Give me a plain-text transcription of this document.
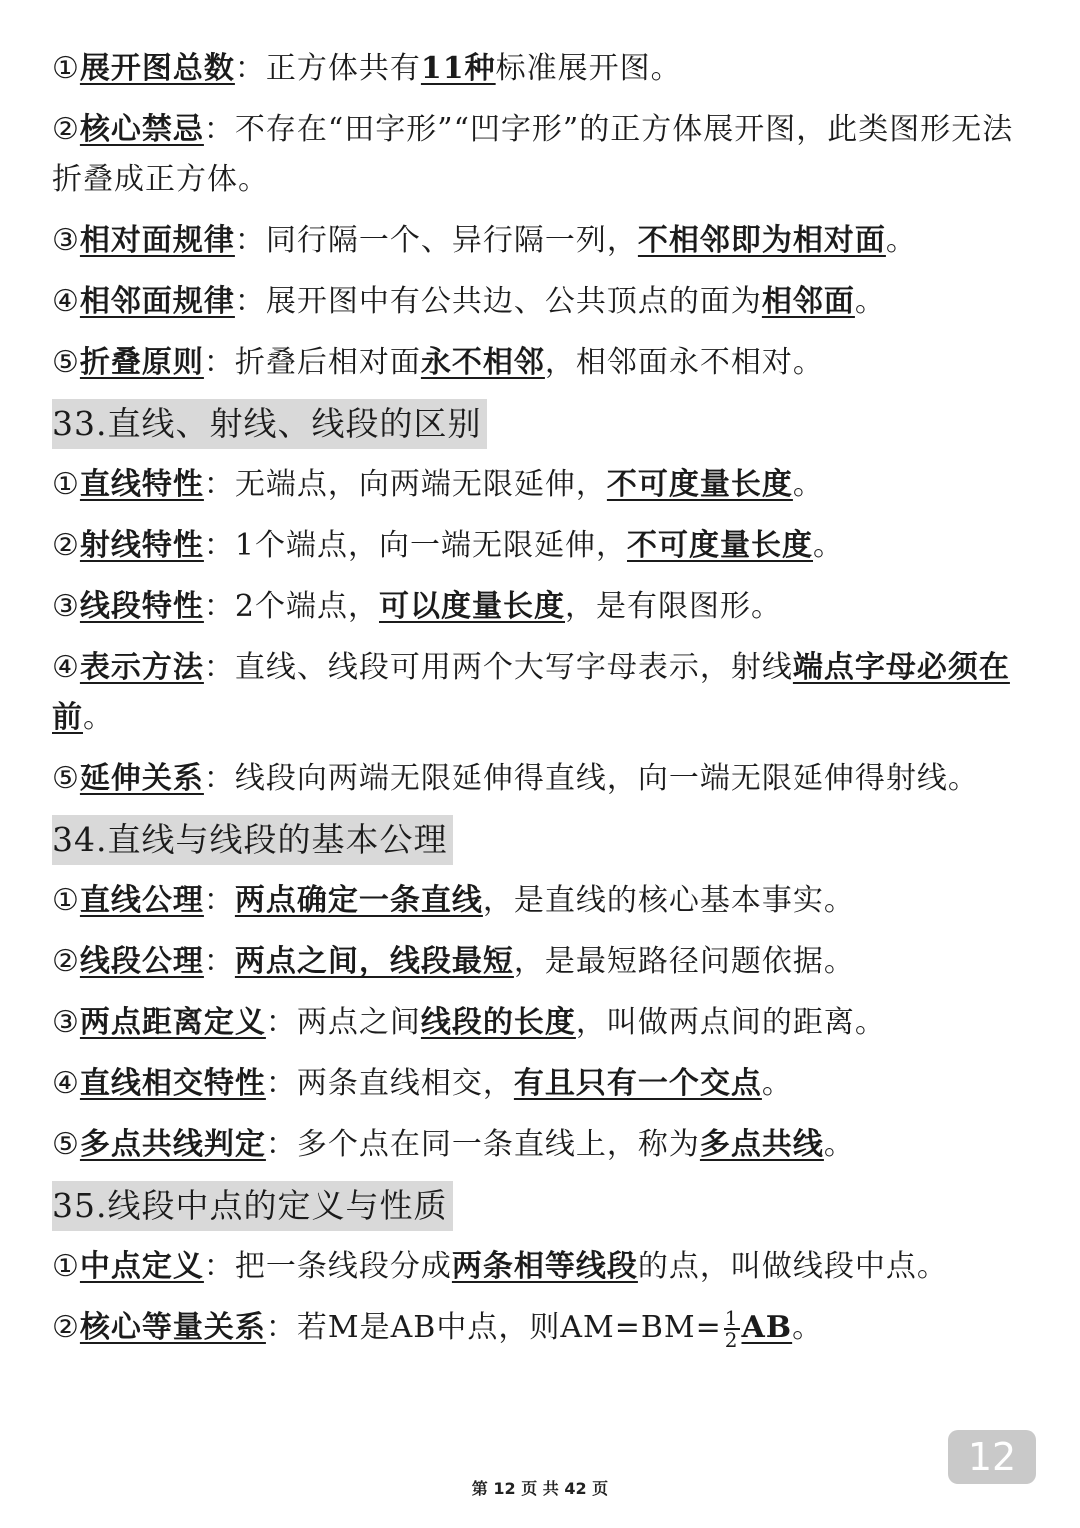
①展开图总数：正方体共有11种标准展开图。

②核心禁忌：不存在“田字形”“凹字形”的正方体展开图，此类图形无法折叠成正方体。

③相对面规律：同行隔一个、异行隔一列，不相邻即为相对面。

④相邻面规律：展开图中有公共边、公共顶点的面为相邻面。

⑤折叠原则：折叠后相对面永不相邻，相邻面永不相对。

33.直线、射线、线段的区别

①直线特性：无端点，向两端无限延伸，不可度量长度。

②射线特性：1个端点，向一端无限延伸，不可度量长度。

③线段特性：2个端点，可以度量长度，是有限图形。

④表示方法：直线、线段可用两个大写字母表示，射线端点字母必须在前。

⑤延伸关系：线段向两端无限延伸得直线，向一端无限延伸得射线。

34.直线与线段的基本公理

①直线公理：两点确定一条直线，是直线的核心基本事实。

②线段公理：两点之间，线段最短，是最短路径问题依据。

③两点距离定义：两点之间线段的长度，叫做两点间的距离。

④直线相交特性：两条直线相交，有且只有一个交点。

⑤多点共线判定：多个点在同一条直线上，称为多点共线。

35.线段中点的定义与性质

①中点定义：把一条线段分成两条相等线段的点，叫做线段中点。

②核心等量关系：若M是AB中点，则$AM=BM= \frac{1}{2}$ AB。

12
第 12 页 共 42 页
